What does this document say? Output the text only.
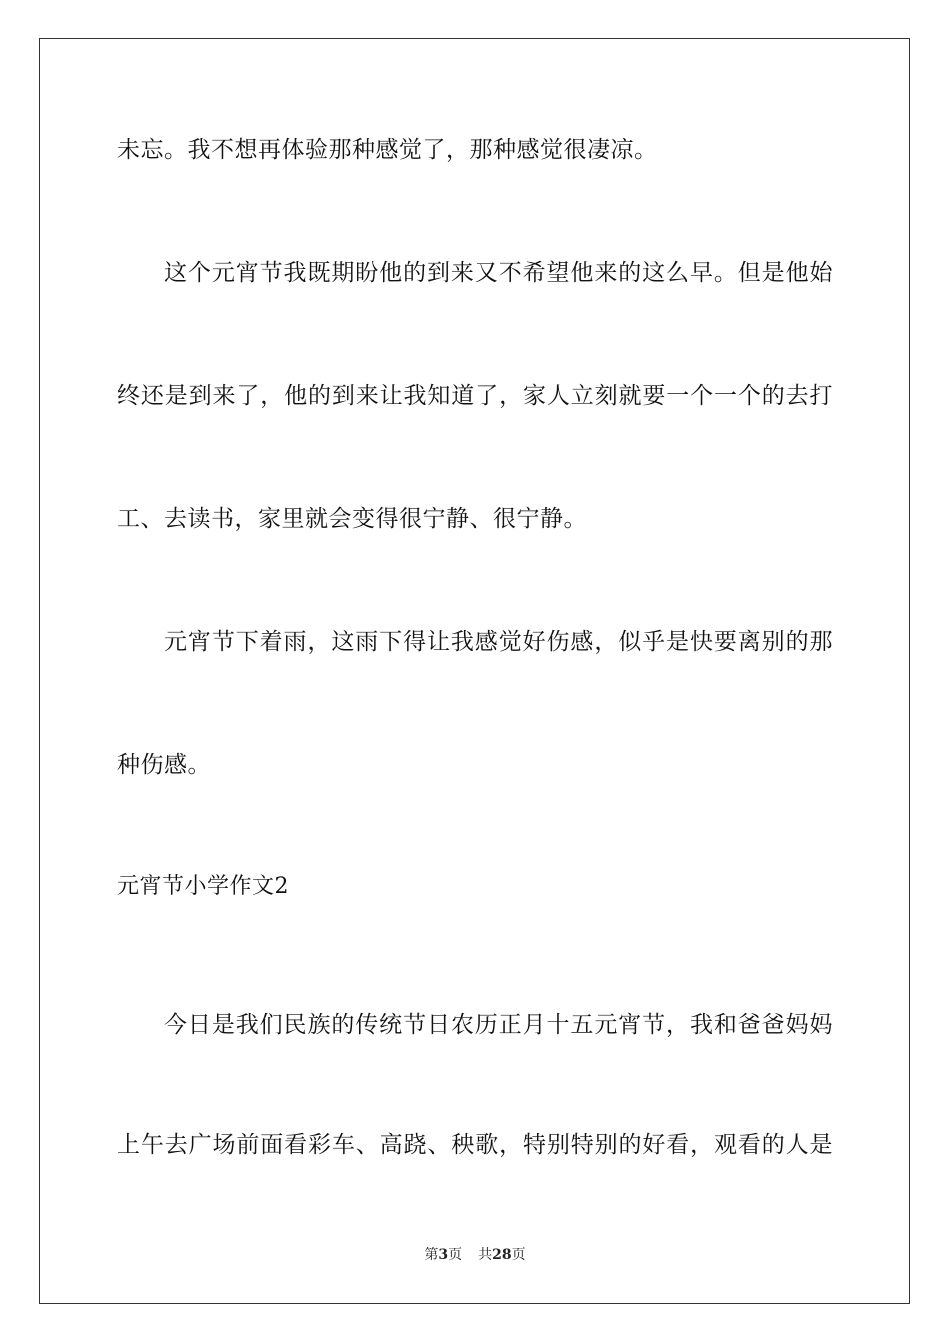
未忘。我不想再体验那种感觉了，那种感觉很凄凉。
这个元宵节我既期盼他的到来又不希望他来的这么早。但是他始
终还是到来了，他的到来让我知道了，家人立刻就要一个一个的去打
工、去读书，家里就会变得很宁静、很宁静。
元宵节下着雨，这雨下得让我感觉好伤感，似乎是快要离别的那
种伤感。
元宵节小学作文2
今日是我们民族的传统节日农历正月十五元宵节，我和爸爸妈妈
上午去广场前面看彩车、高跷、秧歌，特别特别的好看，观看的人是
第3页 共28页
